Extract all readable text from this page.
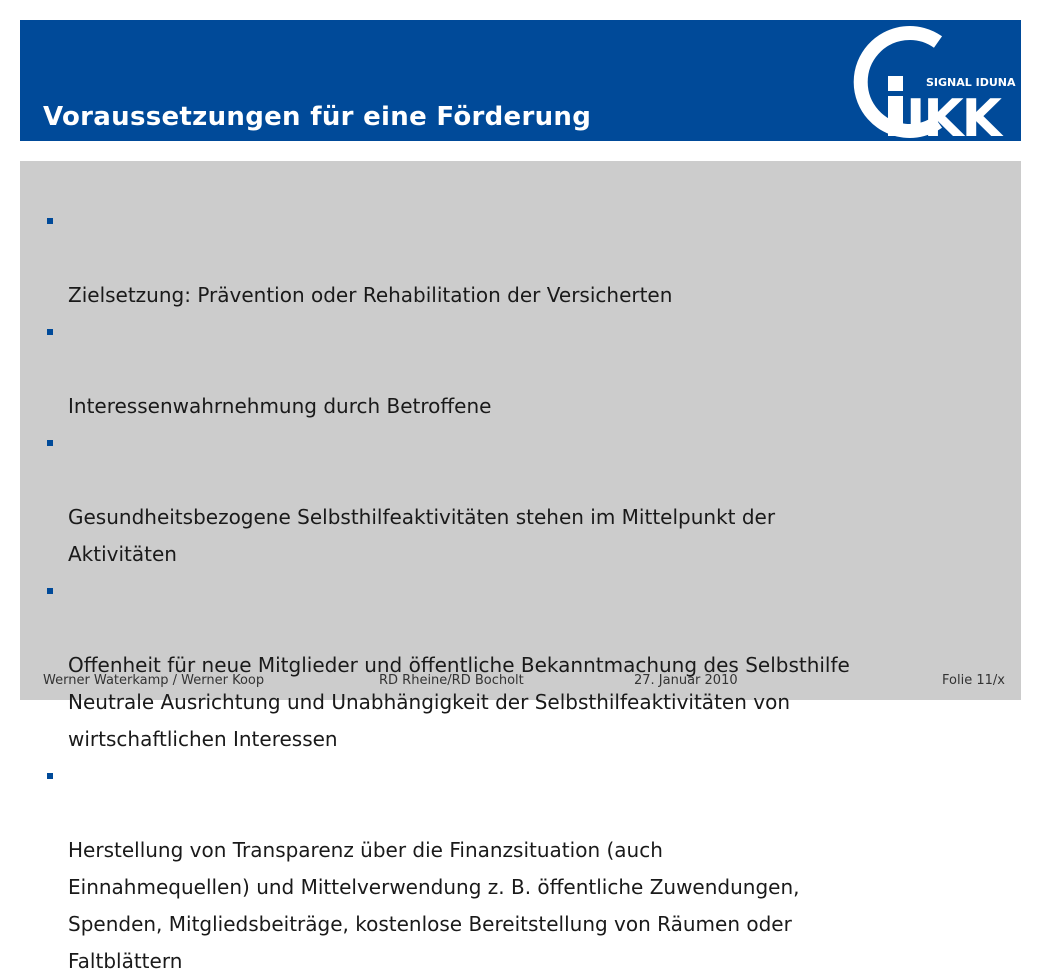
Voraussetzungen für eine Förderung
SIGNAL IDUNA
IKK

Zielsetzung: Prävention oder Rehabilitation der Versicherten

Interessenwahrnehmung durch Betroffene

Gesundheitsbezogene Selbsthilfeaktivitäten stehen im Mittelpunkt der
Aktivitäten

Offenheit für neue Mitglieder und öffentliche Bekanntmachung des Selbsthilfe
Neutrale Ausrichtung und Unabhängigkeit der Selbsthilfeaktivitäten von
wirtschaftlichen Interessen

Herstellung von Transparenz über die Finanzsituation (auch
Einnahmequellen) und Mittelverwendung z. B. öffentliche Zuwendungen,
Spenden, Mitgliedsbeiträge, kostenlose Bereitstellung von Räumen oder
Faltblättern

Werner Waterkamp / Werner Koop	RD Rheine/RD Bocholt	27. Januar 2010	Folie 11/x
